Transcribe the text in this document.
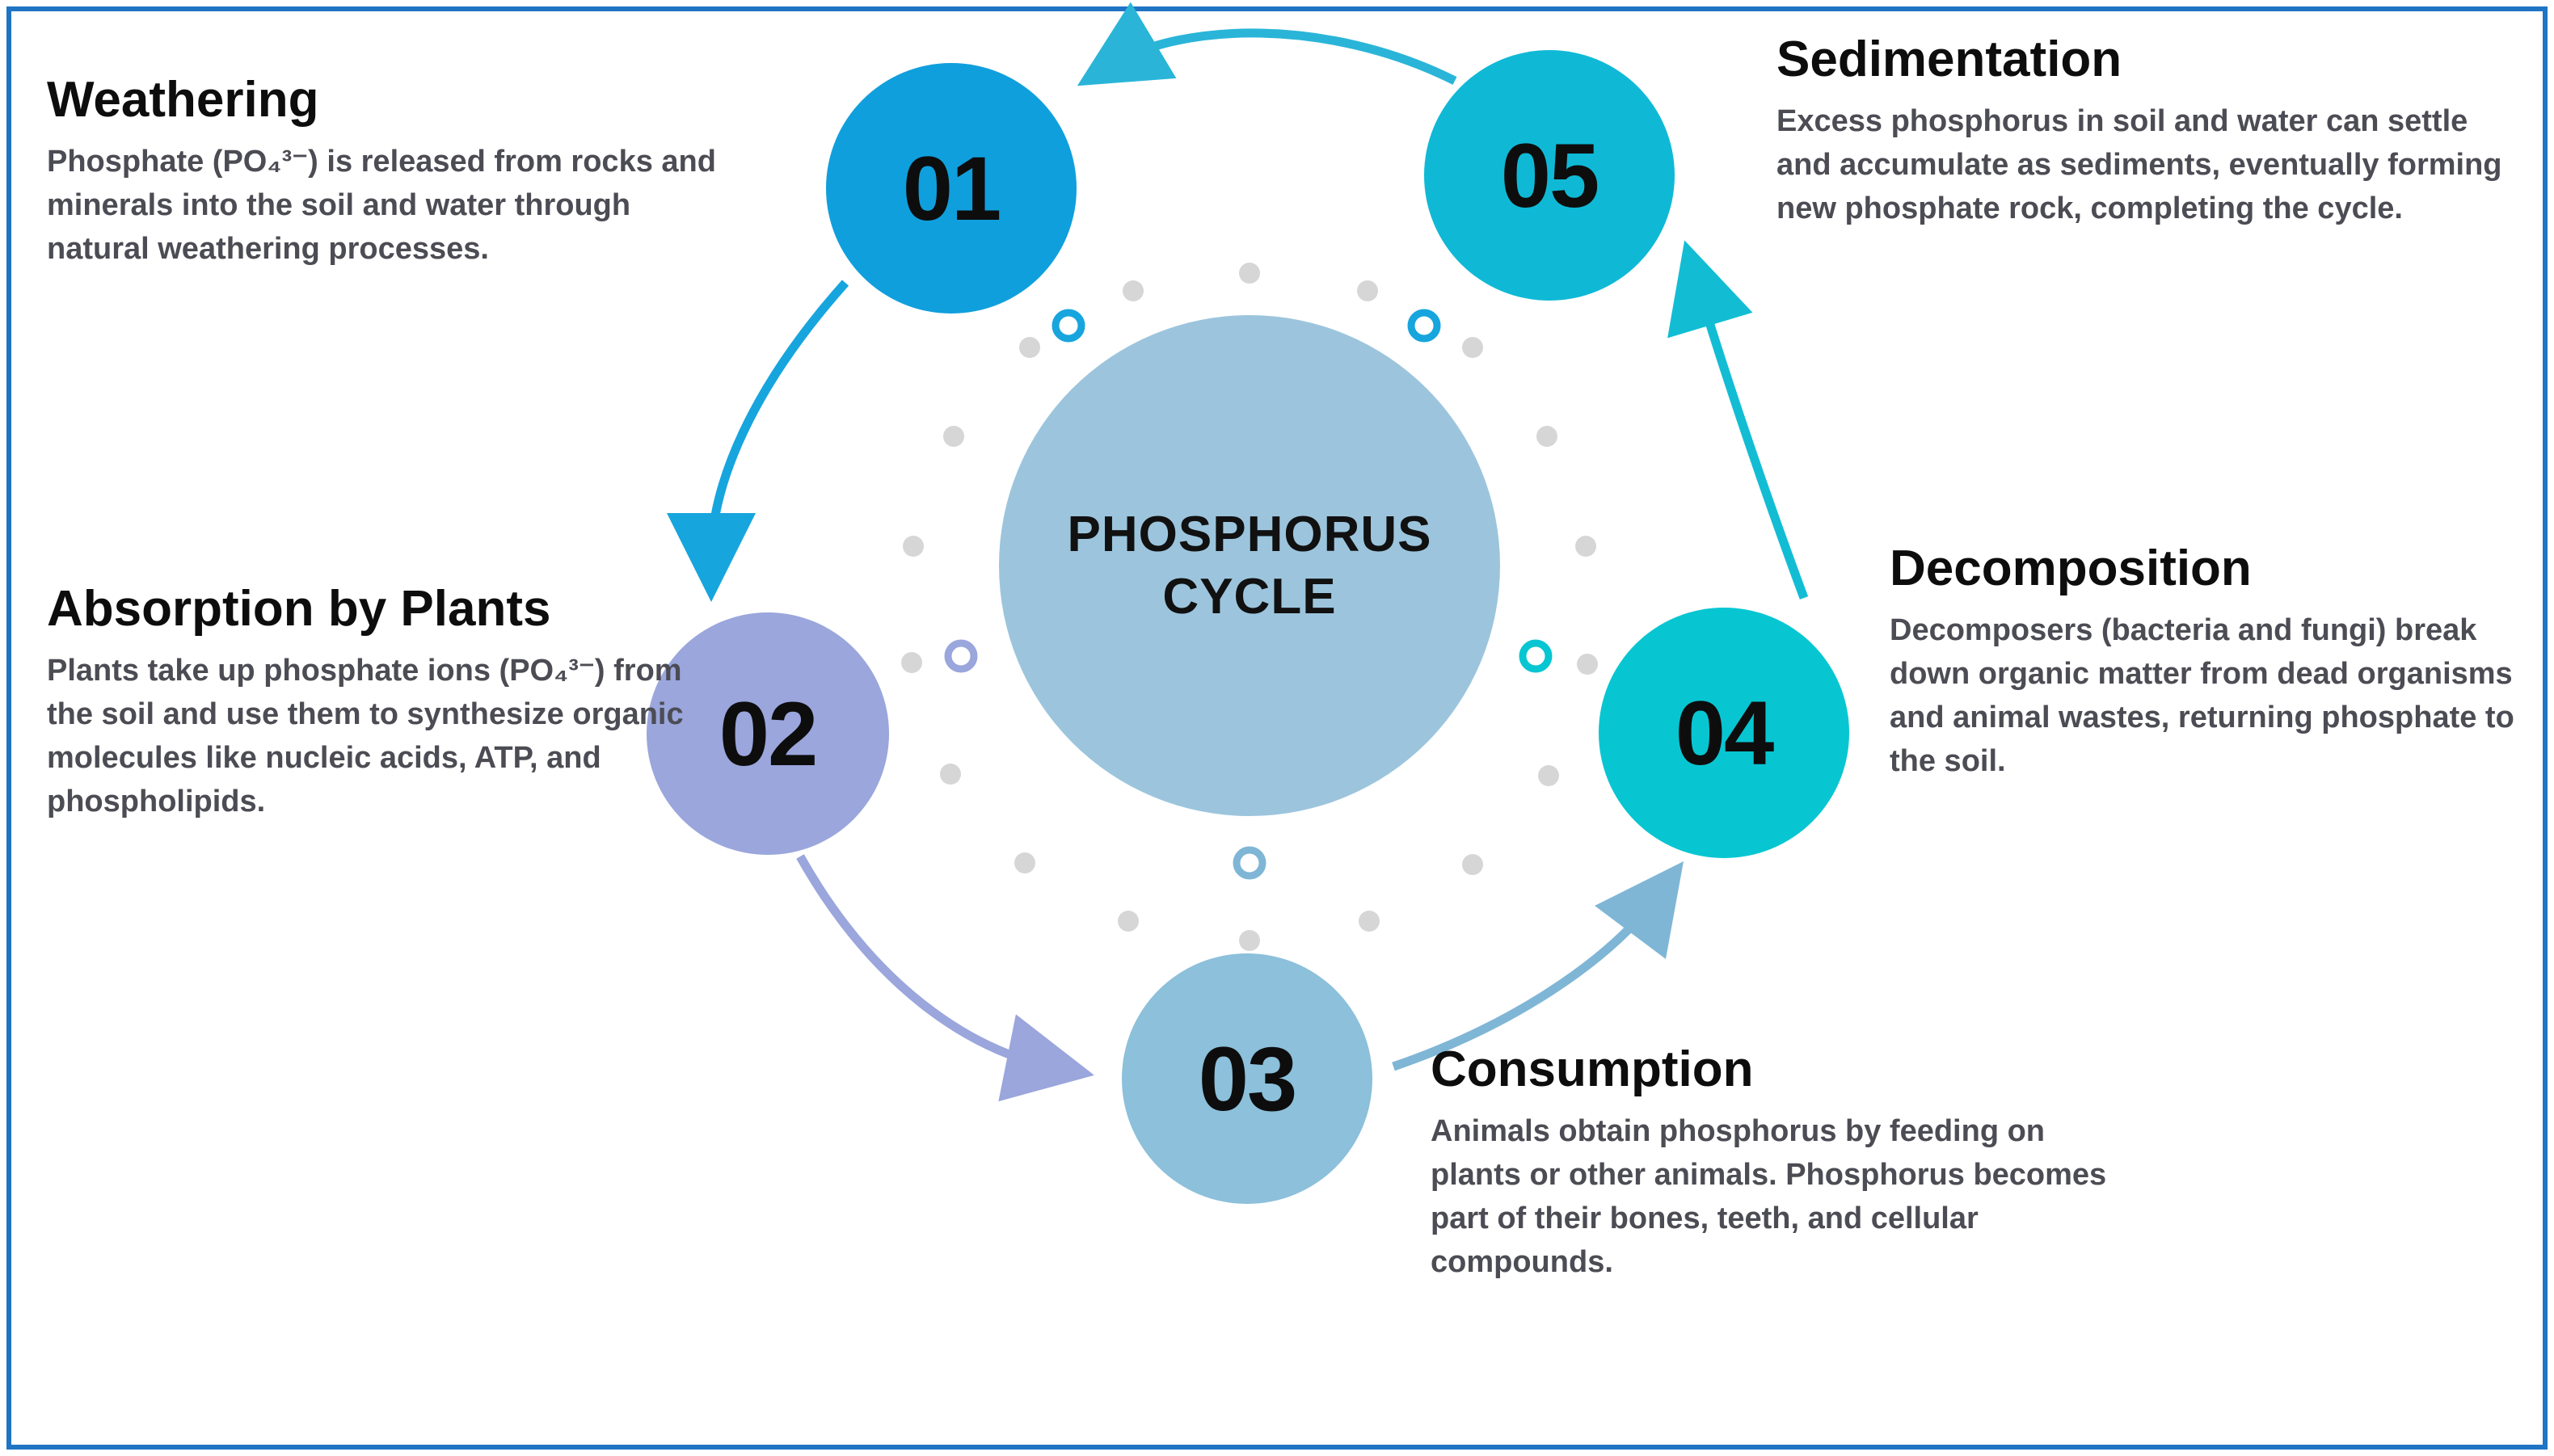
PHOSPHORUS
CYCLE
01	05
02	04
03
Weathering

Phosphate (PO₄³⁻) is released from rocks and minerals into the soil and water through natural weathering processes.

Absorption by Plants

Plants take up phosphate ions (PO₄³⁻) from the soil and use them to synthesize organic molecules like nucleic acids, ATP, and phospholipids.

Sedimentation

Excess phosphorus in soil and water can settle and accumulate as sediments, eventually forming new phosphate rock, completing the cycle.

Decomposition

Decomposers (bacteria and fungi) break down organic matter from dead organisms and animal wastes, returning phosphate to the soil.

Consumption

Animals obtain phosphorus by feeding on plants or other animals. Phosphorus becomes part of their bones, teeth, and cellular compounds.
